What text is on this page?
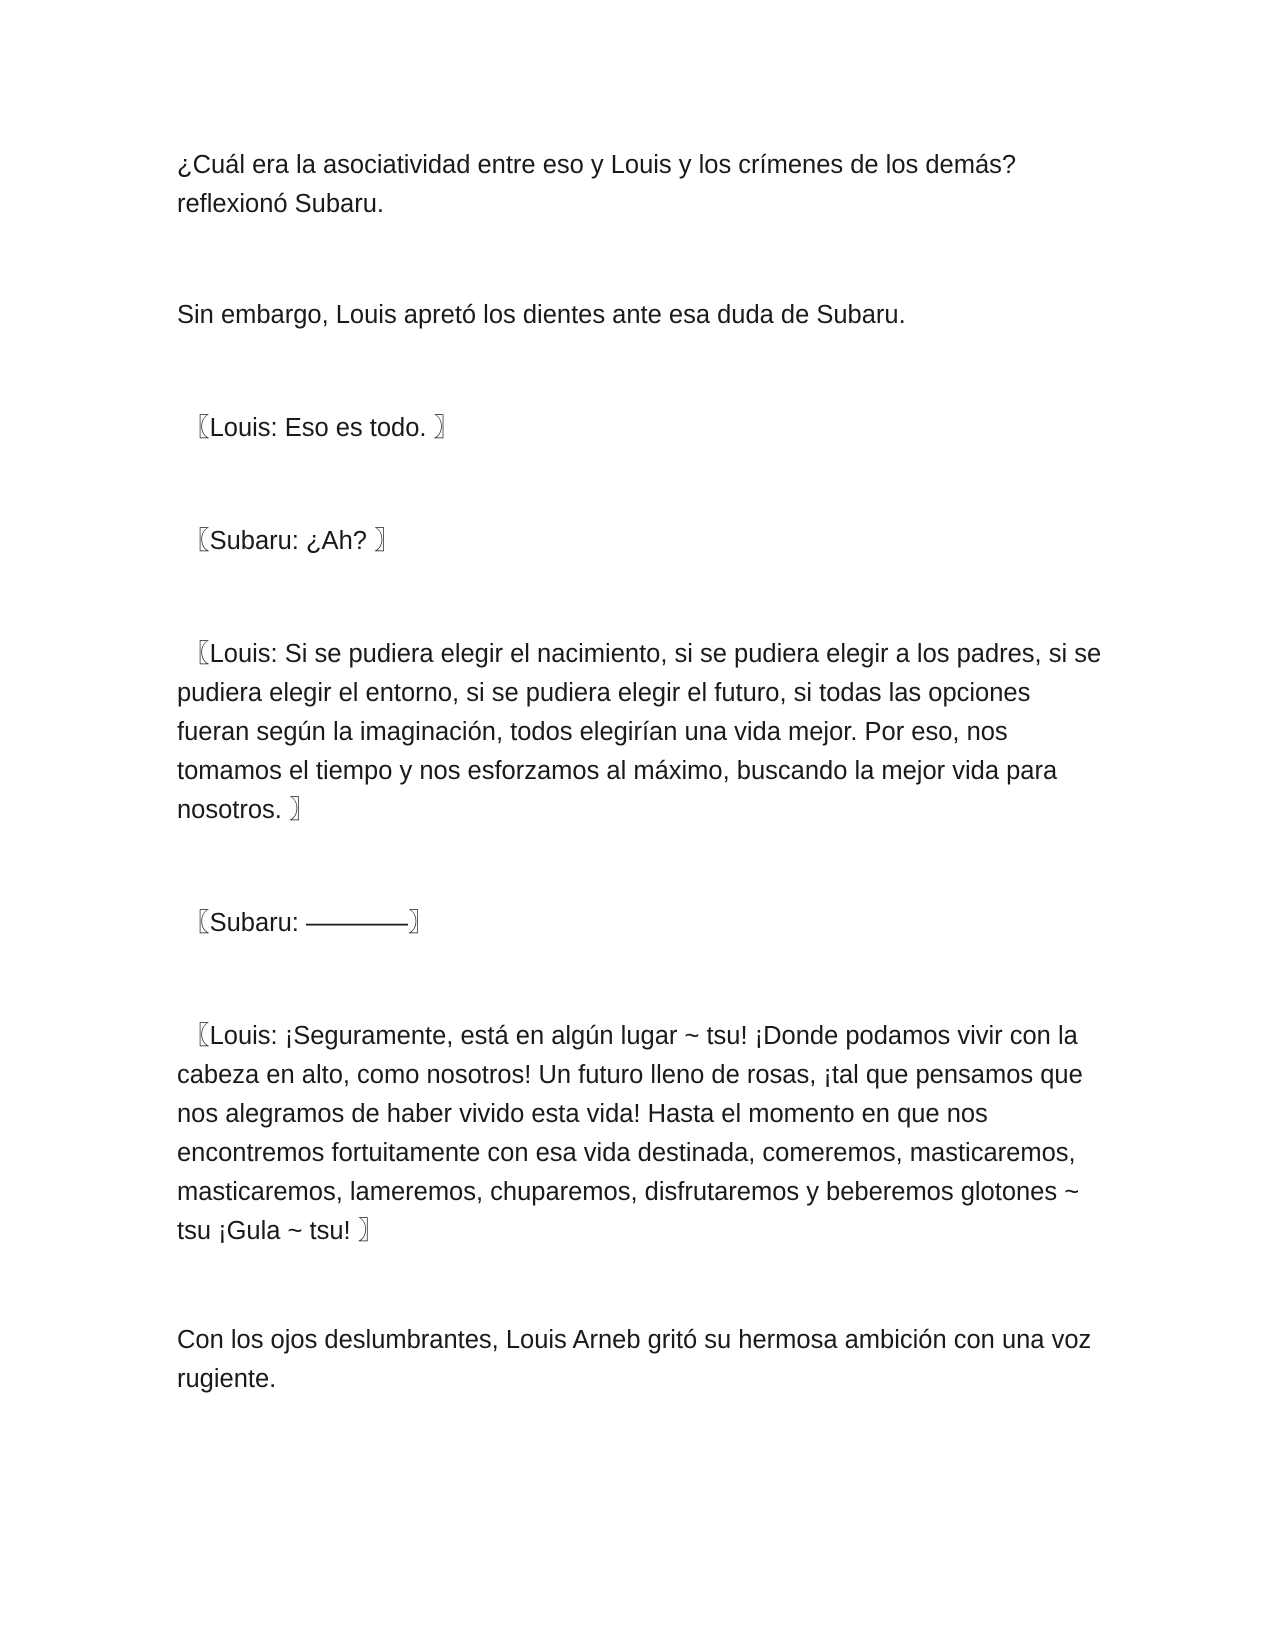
¿Cuál era la asociatividad entre eso y Louis y los crímenes de los demás? reflexionó Subaru.

Sin embargo, Louis apretó los dientes ante esa duda de Subaru.

〖Louis: Eso es todo. 〗

〖Subaru: ¿Ah? 〗

〖Louis: Si se pudiera elegir el nacimiento, si se pudiera elegir a los padres, si se pudiera elegir el entorno, si se pudiera elegir el futuro, si todas las opciones fueran según la imaginación, todos elegirían una vida mejor. Por eso, nos tomamos el tiempo y nos esforzamos al máximo, buscando la mejor vida para nosotros. 〗

〖Subaru: ————〗

〖Louis: ¡Seguramente, está en algún lugar ~ tsu! ¡Donde podamos vivir con la cabeza en alto, como nosotros! Un futuro lleno de rosas, ¡tal que pensamos que nos alegramos de haber vivido esta vida! Hasta el momento en que nos encontremos fortuitamente con esa vida destinada, comeremos, masticaremos, masticaremos, lameremos, chuparemos, disfrutaremos y beberemos glotones ~ tsu ¡Gula ~ tsu! 〗

Con los ojos deslumbrantes, Louis Arneb gritó su hermosa ambición con una voz rugiente.
